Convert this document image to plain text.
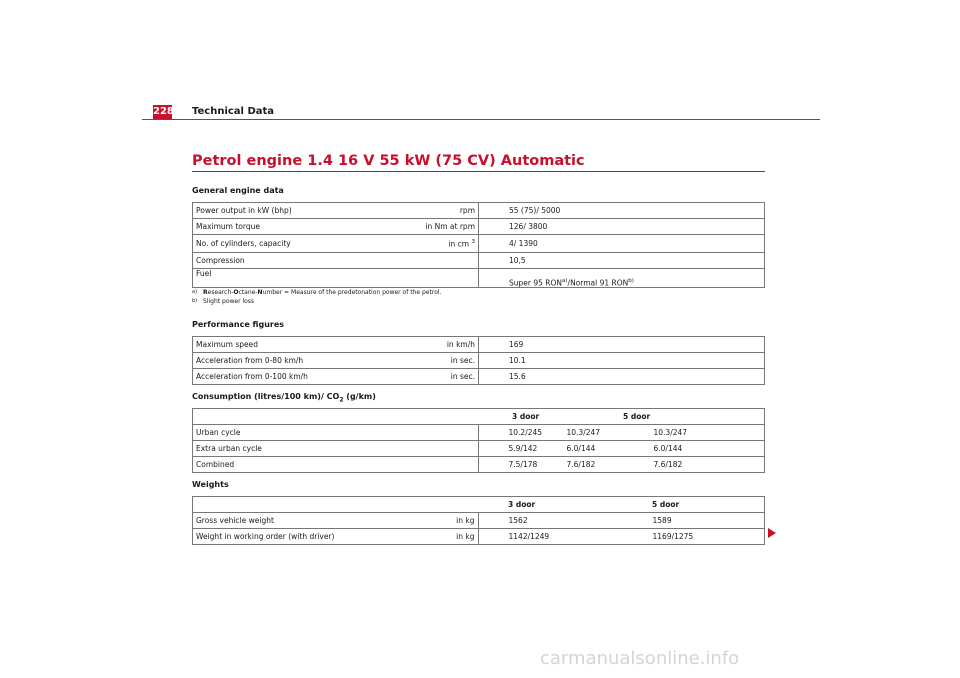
228 Technical Data
Petrol engine 1.4 16 V 55 kW (75 CV) Automatic
General engine data
Power output in kW (bhp) rpm	55 (75)/ 5000
Maximum torque in Nm at rpm	126/ 3800
No. of cylinders, capacity in cm $^3$	4/ 1390
Compression	10,5
Fuel	Super 95 RON$^{a)}$/Normal 91 RON$^{b)}$
a) Research-Octane-Number = Measure of the predetonation power of the petrol.
b) Slight power loss
Performance figures
Maximum speed in km/h	169
Acceleration from 0-80 km/h in sec.	10.1
Acceleration from 0-100 km/h in sec.	15.6
Consumption (litres/100 km)/ $CO_2$ (g/km)
	3 door 5 door
Urban cycle	10.2/245 10.3/247 10.3/247
Extra urban cycle	5.9/142 6.0/144 6.0/144
Combined	7.5/178 7.6/182 7.6/182
Weights
	3 door 5 door
Gross vehicle weight in kg	1562 1589
Weight in working order (with driver) in kg	1142/1249 1169/1275
carmanualsonline.info
